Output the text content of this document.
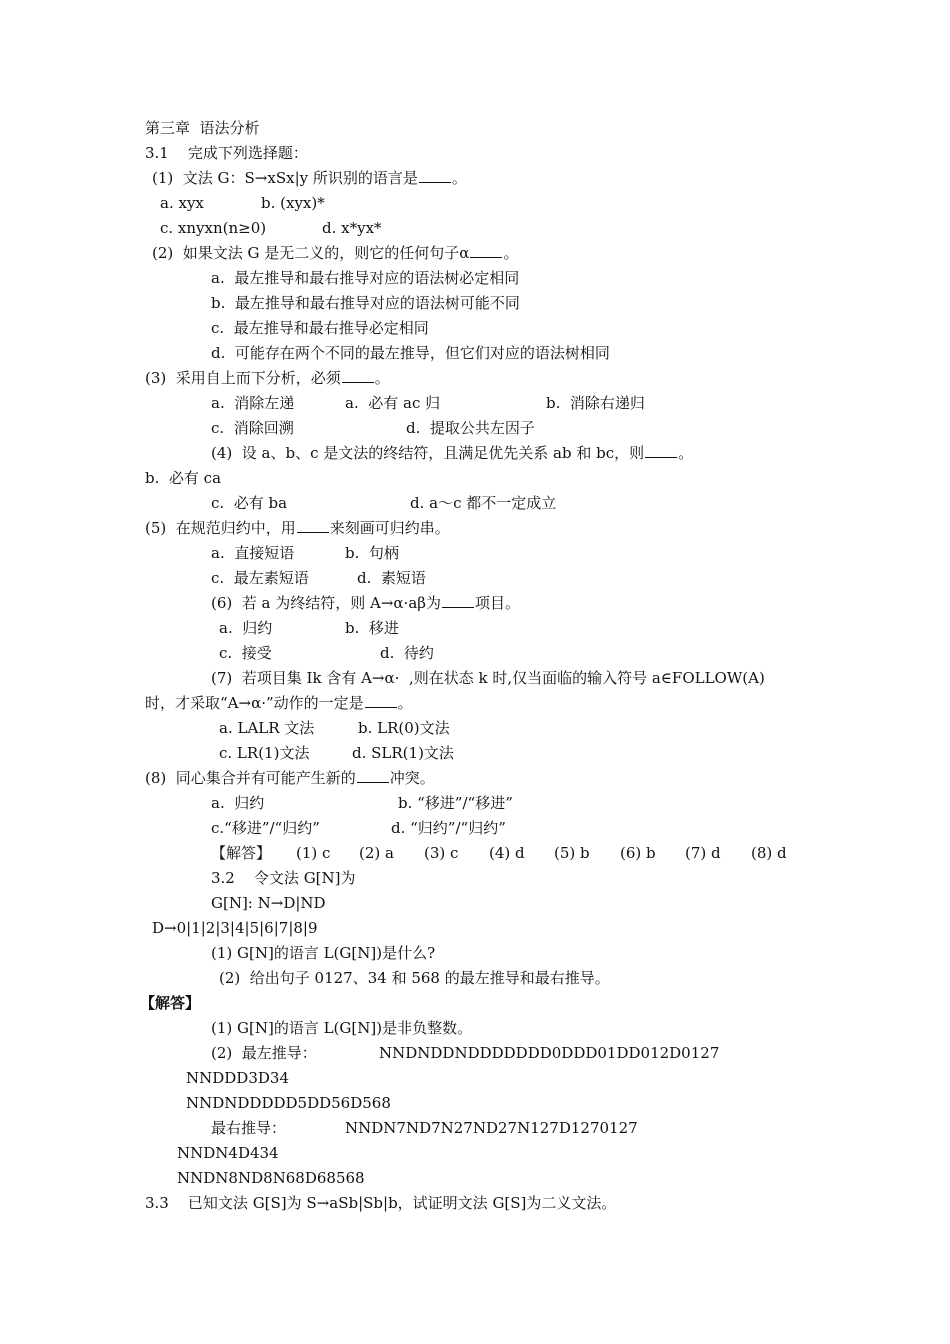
第三章  语法分析
3.1    完成下列选择题：
(1)  文法 G：S→xSx|y 所识别的语言是 。
a. xyx	b. (xyx)*
c. xnyxn(n≥0)	d. x*yx*
(2)  如果文法 G 是无二义的，则它的任何句子α 。
a.  最左推导和最右推导对应的语法树必定相同
b.  最左推导和最右推导对应的语法树可能不同
c.  最左推导和最右推导必定相同
d.  可能存在两个不同的最左推导，但它们对应的语法树相同
(3)  采用自上而下分析，必须 。
a.  消除左递	a.  必有 ac 归	b.  消除右递归
c.  消除回溯	d.  提取公共左因子
(4)  设 a、b、c 是文法的终结符，且满足优先关系 ab 和 bc，则 。
b.  必有 ca
c.  必有 ba	d. a～c 都不一定成立
(5)  在规范归约中，用 来刻画可归约串。
a.  直接短语	b.  句柄
c.  最左素短语	d.  素短语
(6)  若 a 为终结符，则 A→α·aβ为 项目。
a.  归约	b.  移进
c.  接受	d.  待约
(7)  若项目集 Ik 含有 A→α·  ,则在状态 k 时,仅当面临的输入符号 a∈FOLLOW(A)
时，才采取“A→α·”动作的一定是 。
a. LALR 文法	b. LR(0)文法
c. LR(1)文法	d. SLR(1)文法
(8)  同心集合并有可能产生新的 冲突。
a.  归约	b. “移进”/“移进”
c.“移进”/“归约”	d. “归约”/“归约”
【解答】 (1) c (2) a (3) c (4) d (5) b (6) b (7) d (8) d
3.2    令文法 G[N]为
G[N]: N→D|ND
D→0|1|2|3|4|5|6|7|8|9
(1) G[N]的语言 L(G[N])是什么?
(2)  给出句子 0127、34 和 568 的最左推导和最右推导。
【解答】
(1) G[N]的语言 L(G[N])是非负整数。
(2)  最左推导：	NNDNDDNDDDDDDD0DDD01DD012D0127
NNDDD3D34
NNDNDDDDD5DD56D568
最右推导：	NNDN7ND7N27ND27N127D1270127
NNDN4D434
NNDN8ND8N68D68568
3.3    已知文法 G[S]为 S→aSb|Sb|b，试证明文法 G[S]为二义文法。
